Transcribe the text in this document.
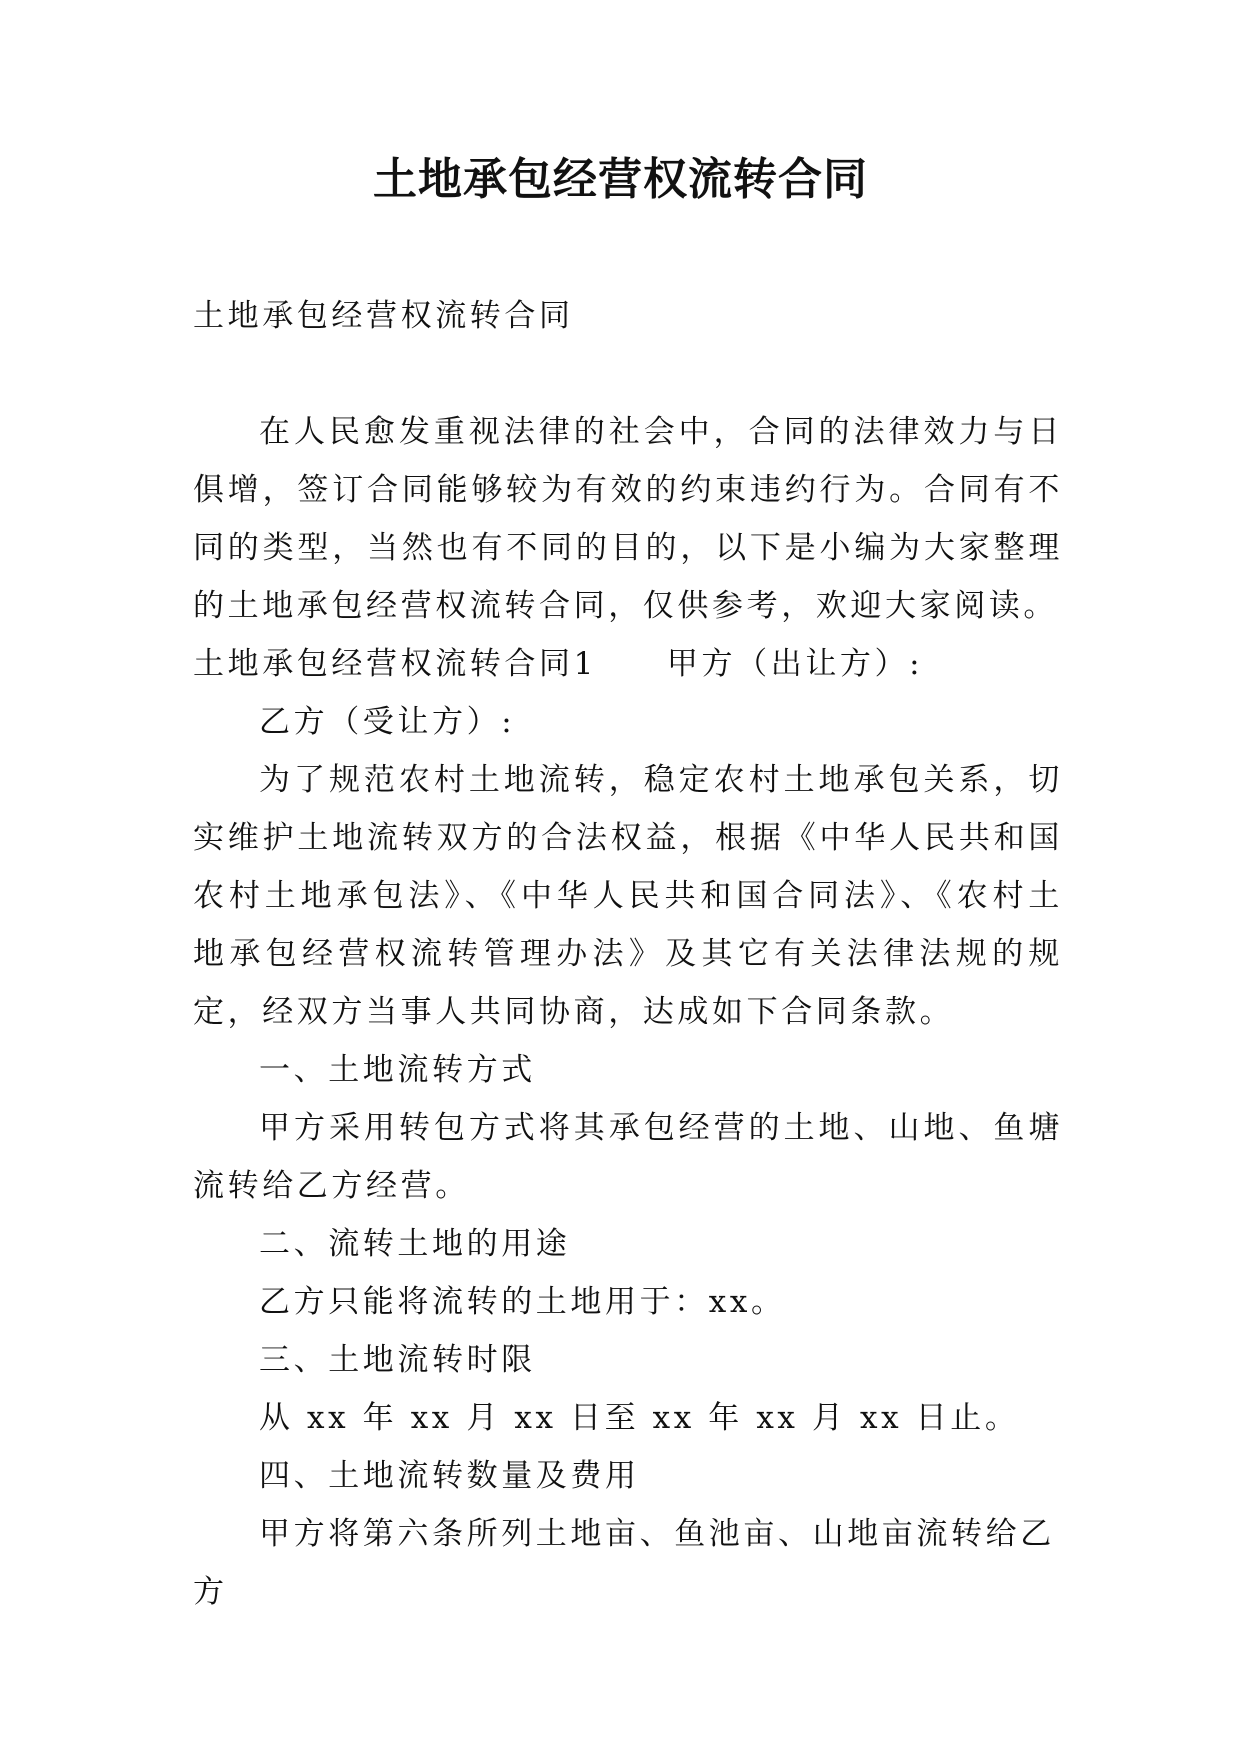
土地承包经营权流转合同

土地承包经营权流转合同

在人民愈发重视法律的社会中，合同的法律效力与日俱增，签订合同能够较为有效的约束违约行为。合同有不同的类型，当然也有不同的目的，以下是小编为大家整理的土地承包经营权流转合同，仅供参考，欢迎大家阅读。

土地承包经营权流转合同1 甲方（出让方）:

乙方（受让方）:

为了规范农村土地流转，稳定农村土地承包关系，切实维护土地流转双方的合法权益，根据《中华人民共和国农村土地承包法》、《中华人民共和国合同法》、《农村土地承包经营权流转管理办法》及其它有关法律法规的规定，经双方当事人共同协商，达成如下合同条款。

一、土地流转方式

甲方采用转包方式将其承包经营的土地、山地、鱼塘流转给乙方经营。

二、流转土地的用途

乙方只能将流转的土地用于：xx。

三、土地流转时限

从 xx 年 xx 月 xx 日至 xx 年 xx 月 xx 日止。

四、土地流转数量及费用

甲方将第六条所列土地亩、鱼池亩、山地亩流转给乙方
